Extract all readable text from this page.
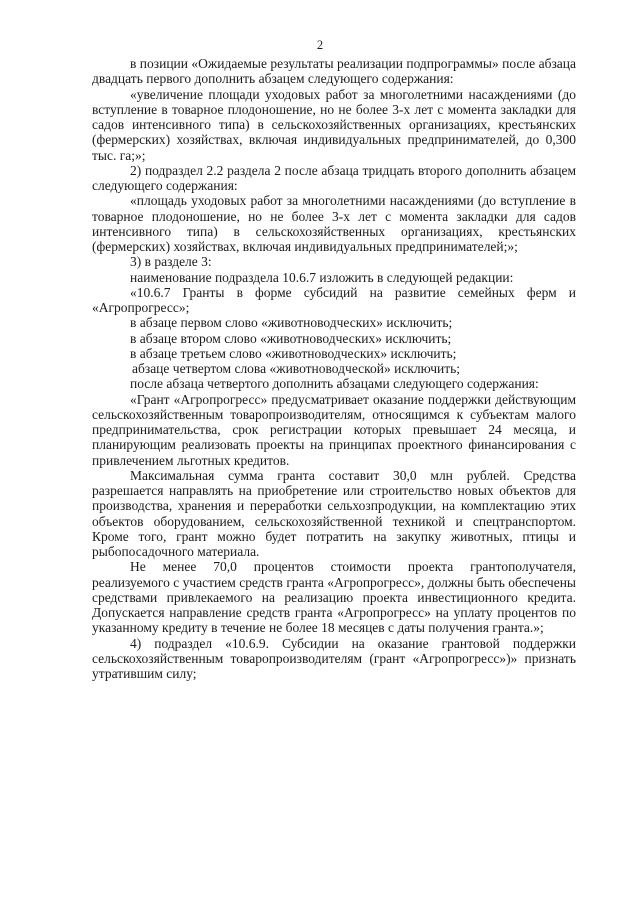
2

в позиции «Ожидаемые результаты реализации подпрограммы» после абзаца двадцать первого дополнить абзацем следующего содержания:

«увеличение площади уходовых работ за многолетними насаждениями (до вступление в товарное плодоношение, но не более 3-х лет с момента закладки для садов интенсивного типа) в сельскохозяйственных организациях, крестьянских (фермерских) хозяйствах, включая индивидуальных предпринимателей, до 0,300 тыс. га;»;

2) подраздел 2.2 раздела 2 после абзаца тридцать второго дополнить абзацем следующего содержания:

«площадь уходовых работ за многолетними насаждениями (до вступление в товарное плодоношение, но не более 3-х лет с момента закладки для садов интенсивного типа) в сельскохозяйственных организациях, крестьянских (фермерских) хозяйствах, включая индивидуальных предпринимателей;»;

3) в разделе 3:

наименование подраздела 10.6.7 изложить в следующей редакции:

«10.6.7 Гранты в форме субсидий на развитие семейных ферм и «Агропрогресс»;

в абзаце первом слово «животноводческих» исключить;

в абзаце втором слово «животноводческих» исключить;

в абзаце третьем слово «животноводческих» исключить;

абзаце четвертом слова «животноводческой» исключить;

после абзаца четвертого дополнить абзацами следующего содержания:

«Грант «Агропрогресс» предусматривает оказание поддержки действующим сельскохозяйственным товаропроизводителям, относящимся к субъектам малого предпринимательства, срок регистрации которых превышает 24 месяца, и планирующим реализовать проекты на принципах проектного финансирования с привлечением льготных кредитов.

Максимальная сумма гранта составит 30,0 млн рублей. Средства разрешается направлять на приобретение или строительство новых объектов для производства, хранения и переработки сельхозпродукции, на комплектацию этих объектов оборудованием, сельскохозяйственной техникой и спецтранспортом. Кроме того, грант можно будет потратить на закупку животных, птицы и рыбопосадочного материала.

Не менее 70,0 процентов стоимости проекта грантополучателя, реализуемого с участием средств гранта «Агропрогресс», должны быть обеспечены средствами привлекаемого на реализацию проекта инвестиционного кредита. Допускается направление средств гранта «Агропрогресс» на уплату процентов по указанному кредиту в течение не более 18 месяцев с даты получения гранта.»;

4) подраздел «10.6.9. Субсидии на оказание грантовой поддержки сельскохозяйственным товаропроизводителям (грант «Агропрогресс»)» признать утратившим силу;
